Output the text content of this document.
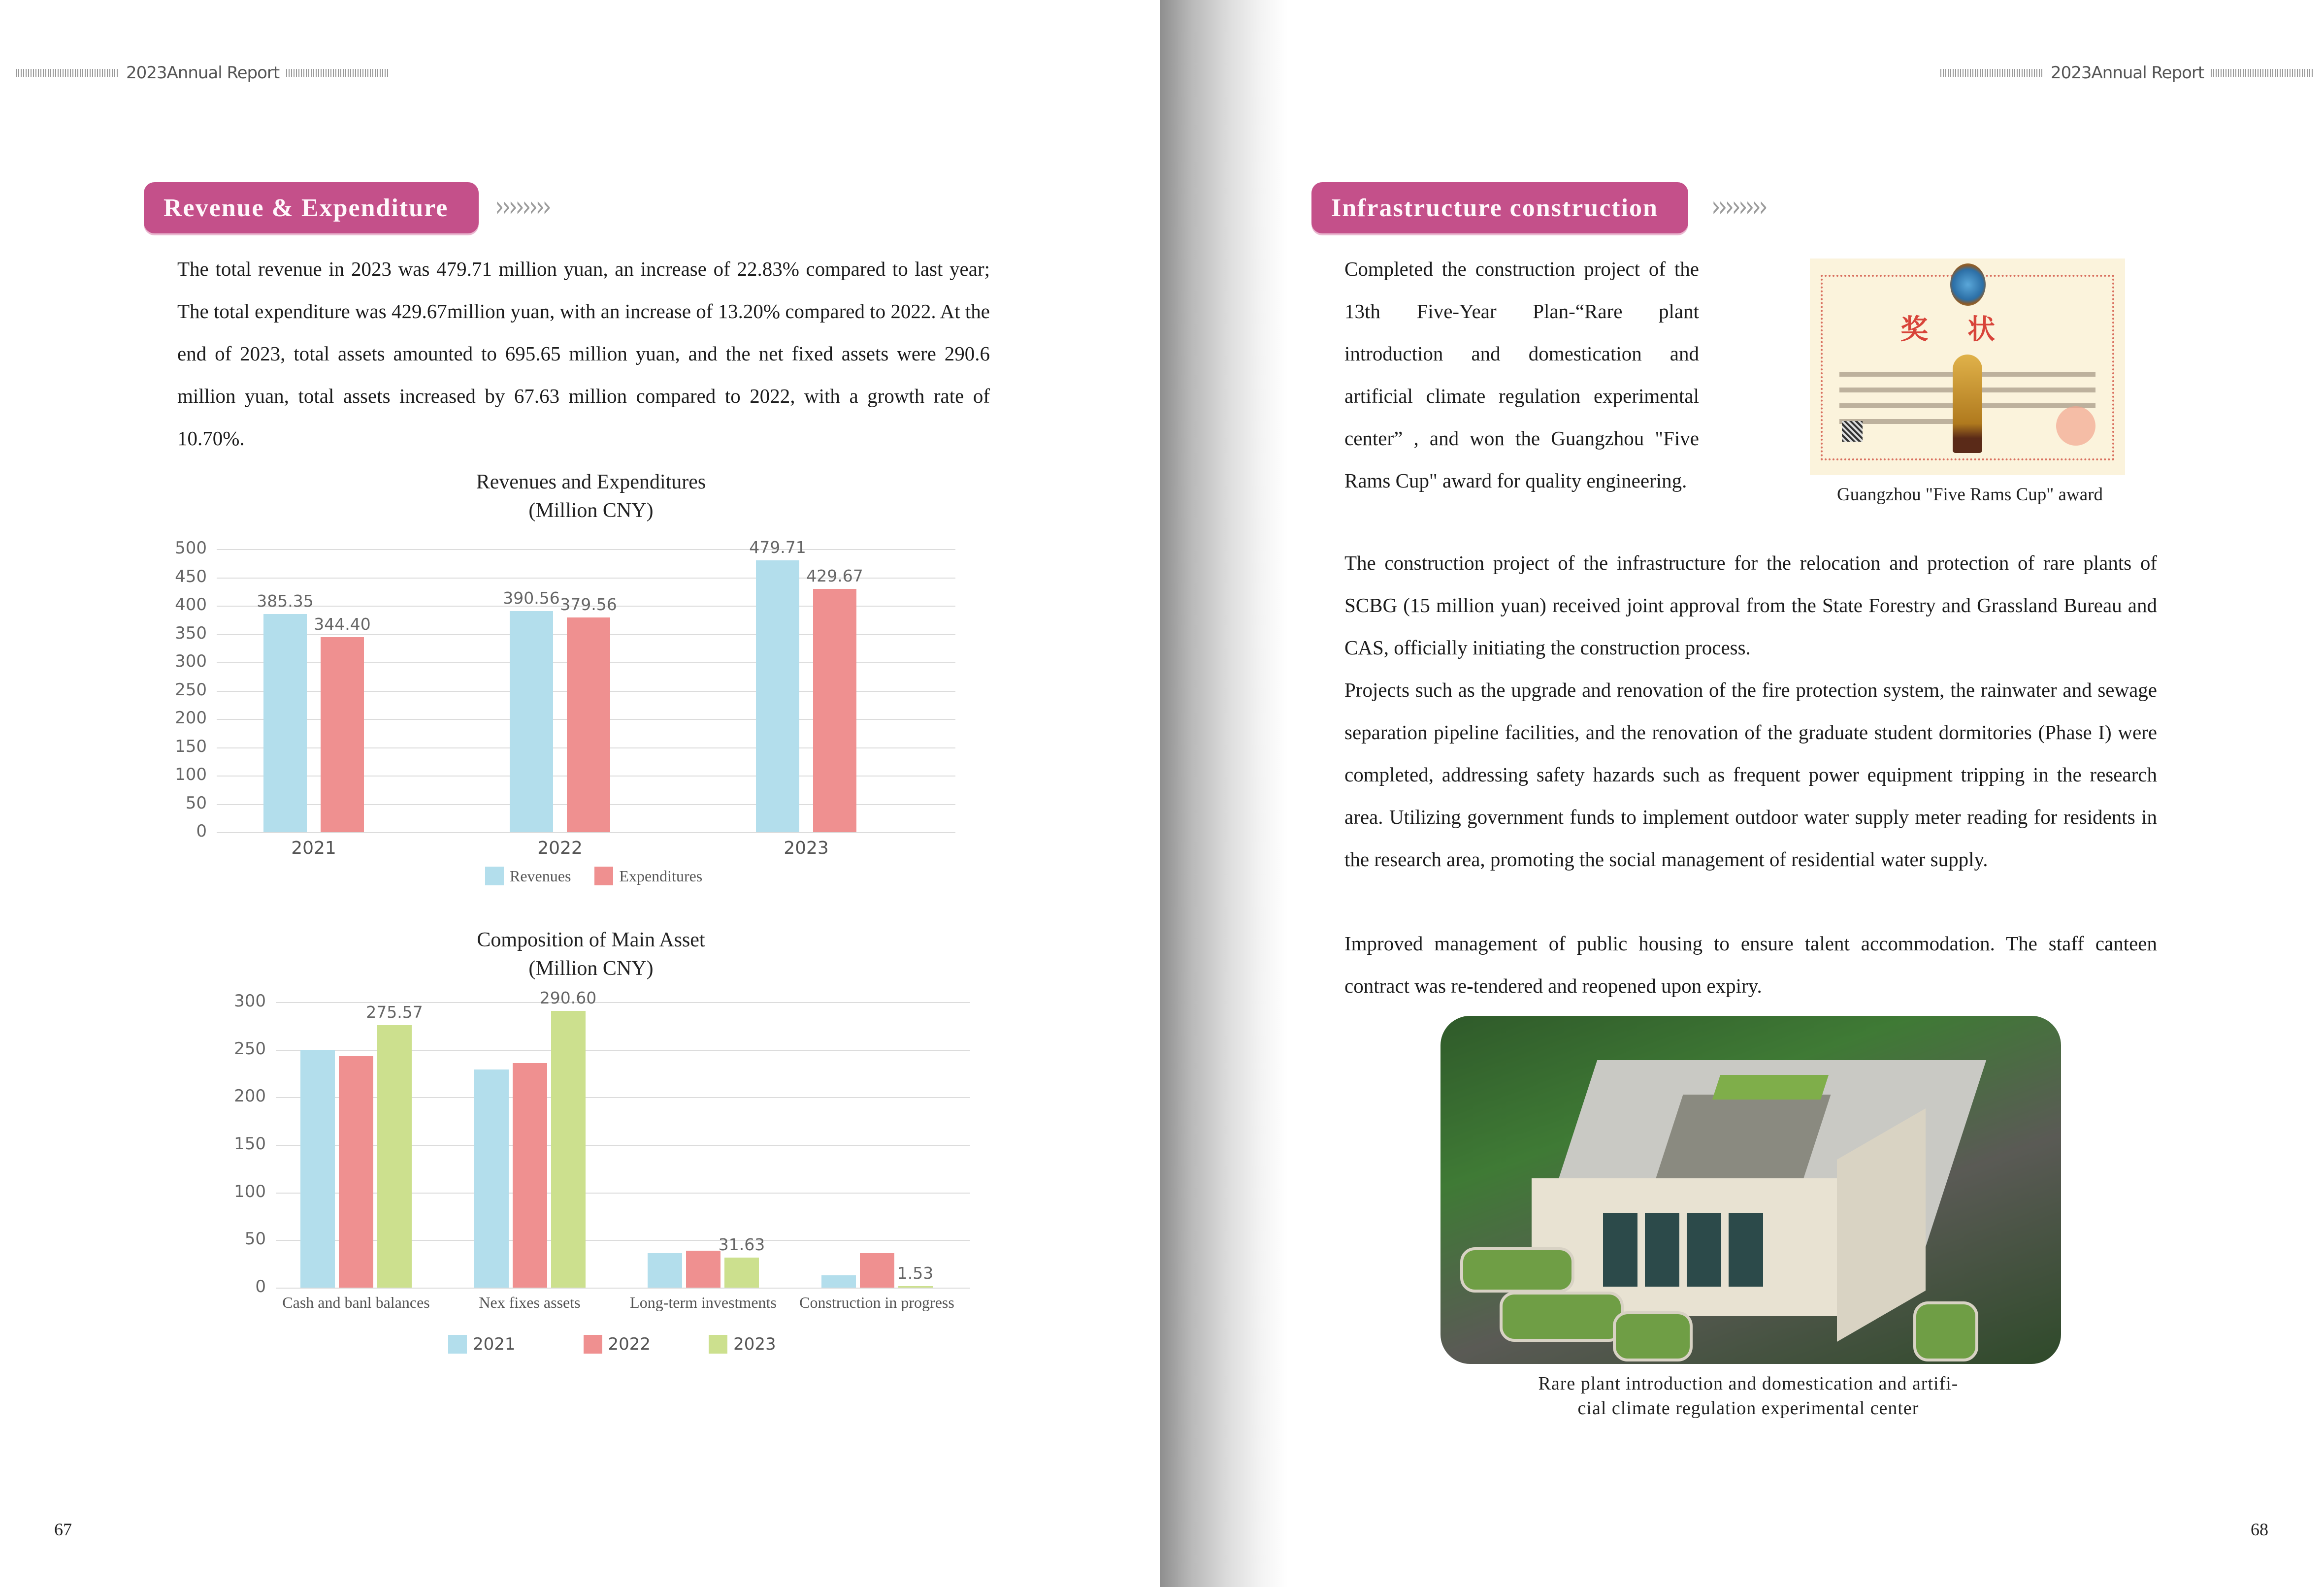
2023Annual Report
Revenue & Expenditure ››››››››

The total revenue in 2023 was 479.71 million yuan, an increase of 22.83% compared to last year; The total expenditure was 429.67million yuan, with an increase of 13.20% compared to 2022. At the end of 2023, total assets amounted to 695.65 million yuan, and the net fixed assets were 290.6 million yuan, total assets increased by 67.63 million compared to 2022, with a growth rate of 10.70%.

Revenues and Expenditures
(Million CNY)
500
450
400
350
300
250
200
150
100
50
0
385.35
344.40
2021
390.56 379.56
2022
479.71
429.67
2023
Revenues	Expenditures
Composition of Main Asset
(Million CNY)
300
250
200
150
100
50
0
275.57
Cash and banl balances
290.60
Nex fixes assets
31.63
Long-term investments
1.53
Construction in progress
2021	2022	2023
67
2023Annual Report
Infrastructure construction ››››››››

Completed the construction project of the 13th Five-Year Plan-“Rare plant introduction and domestication and artificial climate regulation experimental center” , and won the Guangzhou "Five Rams Cup" award for quality engineering.

奖状
Guangzhou "Five Rams Cup" award

The construction project of the infrastructure for the relocation and protection of rare plants of SCBG (15 million yuan) received joint approval from the State Forestry and Grassland Bureau and CAS, officially initiating the construction process.

Projects such as the upgrade and renovation of the fire protection system, the rainwater and sewage separation pipeline facilities, and the renovation of the graduate student dormitories (Phase I) were completed, addressing safety hazards such as frequent power equipment tripping in the research area. Utilizing government funds to implement outdoor water supply meter reading for residents in the research area, promoting the social management of residential water supply.

Improved management of public housing to ensure talent accommodation. The staff canteen contract was re-tendered and reopened upon expiry.

Rare plant introduction and domestication and artifi-
cial climate regulation experimental center
68
